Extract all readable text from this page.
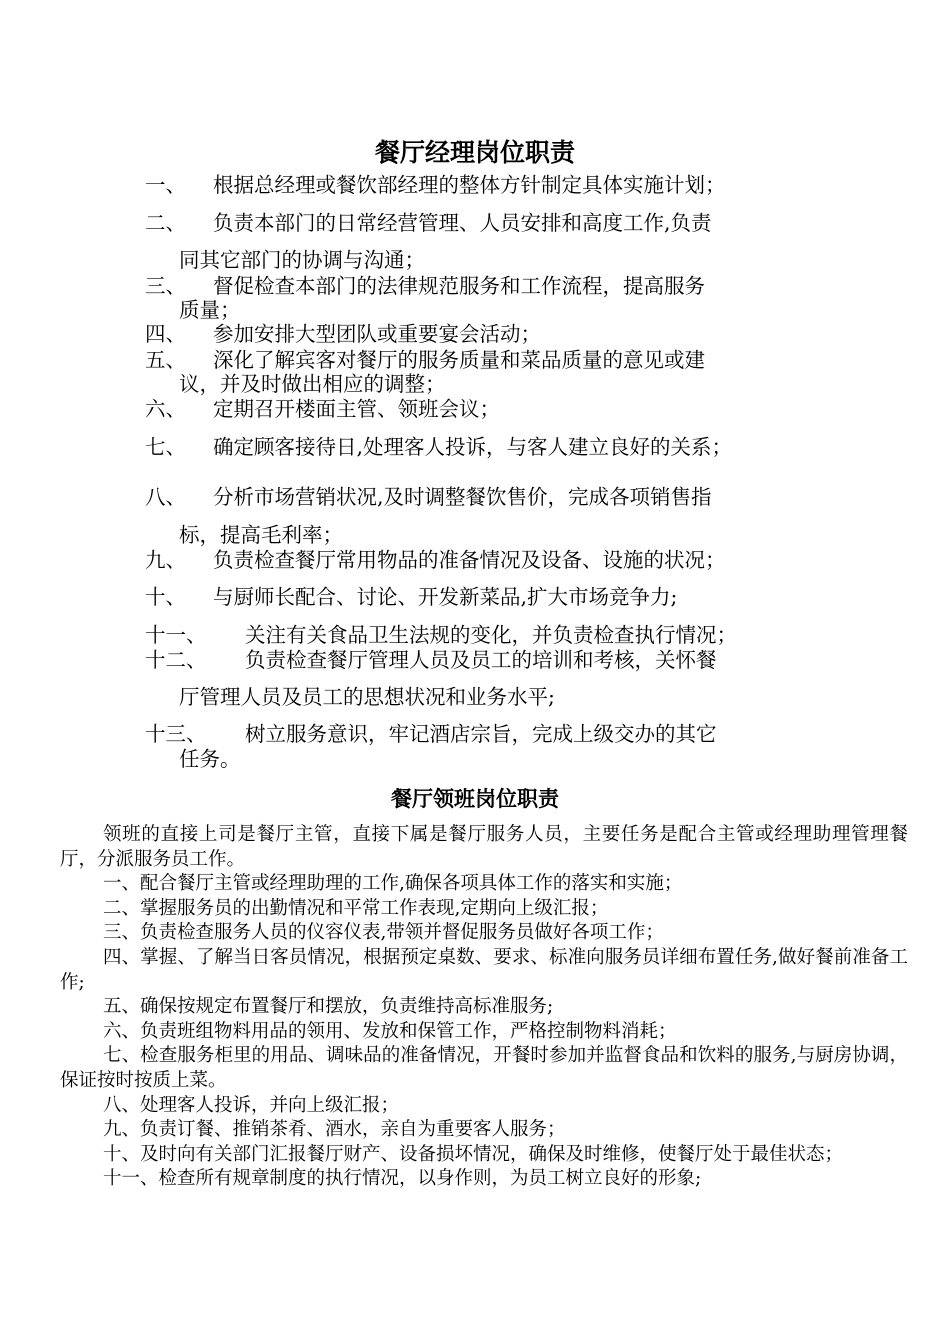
餐厅经理岗位职责
一、 根据总经理或餐饮部经理的整体方针制定具体实施计划；
二、 负责本部门的日常经营管理、人员安排和高度工作,负责
同其它部门的协调与沟通；
三、 督促检查本部门的法律规范服务和工作流程，提高服务
质量；
四、 参加安排大型团队或重要宴会活动；
五、 深化了解宾客对餐厅的服务质量和菜品质量的意见或建
议，并及时做出相应的调整；
六、 定期召开楼面主管、领班会议；
七、 确定顾客接待日,处理客人投诉，与客人建立良好的关系；
八、 分析市场营销状况,及时调整餐饮售价，完成各项销售指
标，提高毛利率；
九、 负责检查餐厅常用物品的准备情况及设备、设施的状况；
十、 与厨师长配合、讨论、开发新菜品,扩大市场竞争力;
十一、 关注有关食品卫生法规的变化，并负责检查执行情况；
十二、 负责检查餐厅管理人员及员工的培训和考核，关怀餐
厅管理人员及员工的思想状况和业务水平;
十三、 树立服务意识，牢记酒店宗旨，完成上级交办的其它
任务。
餐厅领班岗位职责

领班的直接上司是餐厅主管，直接下属是餐厅服务人员，主要任务是配合主管或经理助理管理餐厅，分派服务员工作。

一、配合餐厅主管或经理助理的工作,确保各项具体工作的落实和实施；

二、掌握服务员的出勤情况和平常工作表现,定期向上级汇报；

三、负责检查服务人员的仪容仪表,带领并督促服务员做好各项工作；

四、掌握、了解当日客员情况，根据预定桌数、要求、标准向服务员详细布置任务,做好餐前准备工作;

五、确保按规定布置餐厅和摆放，负责维持高标准服务;

六、负责班组物料用品的领用、发放和保管工作，严格控制物料消耗；

七、检查服务柜里的用品、调味品的准备情况，开餐时参加并监督食品和饮料的服务,与厨房协调，保证按时按质上菜。

八、处理客人投诉，并向上级汇报；

九、负责订餐、推销茶肴、酒水，亲自为重要客人服务；

十、及时向有关部门汇报餐厅财产、设备损坏情况，确保及时维修，使餐厅处于最佳状态；

十一、检查所有规章制度的执行情况，以身作则，为员工树立良好的形象;
